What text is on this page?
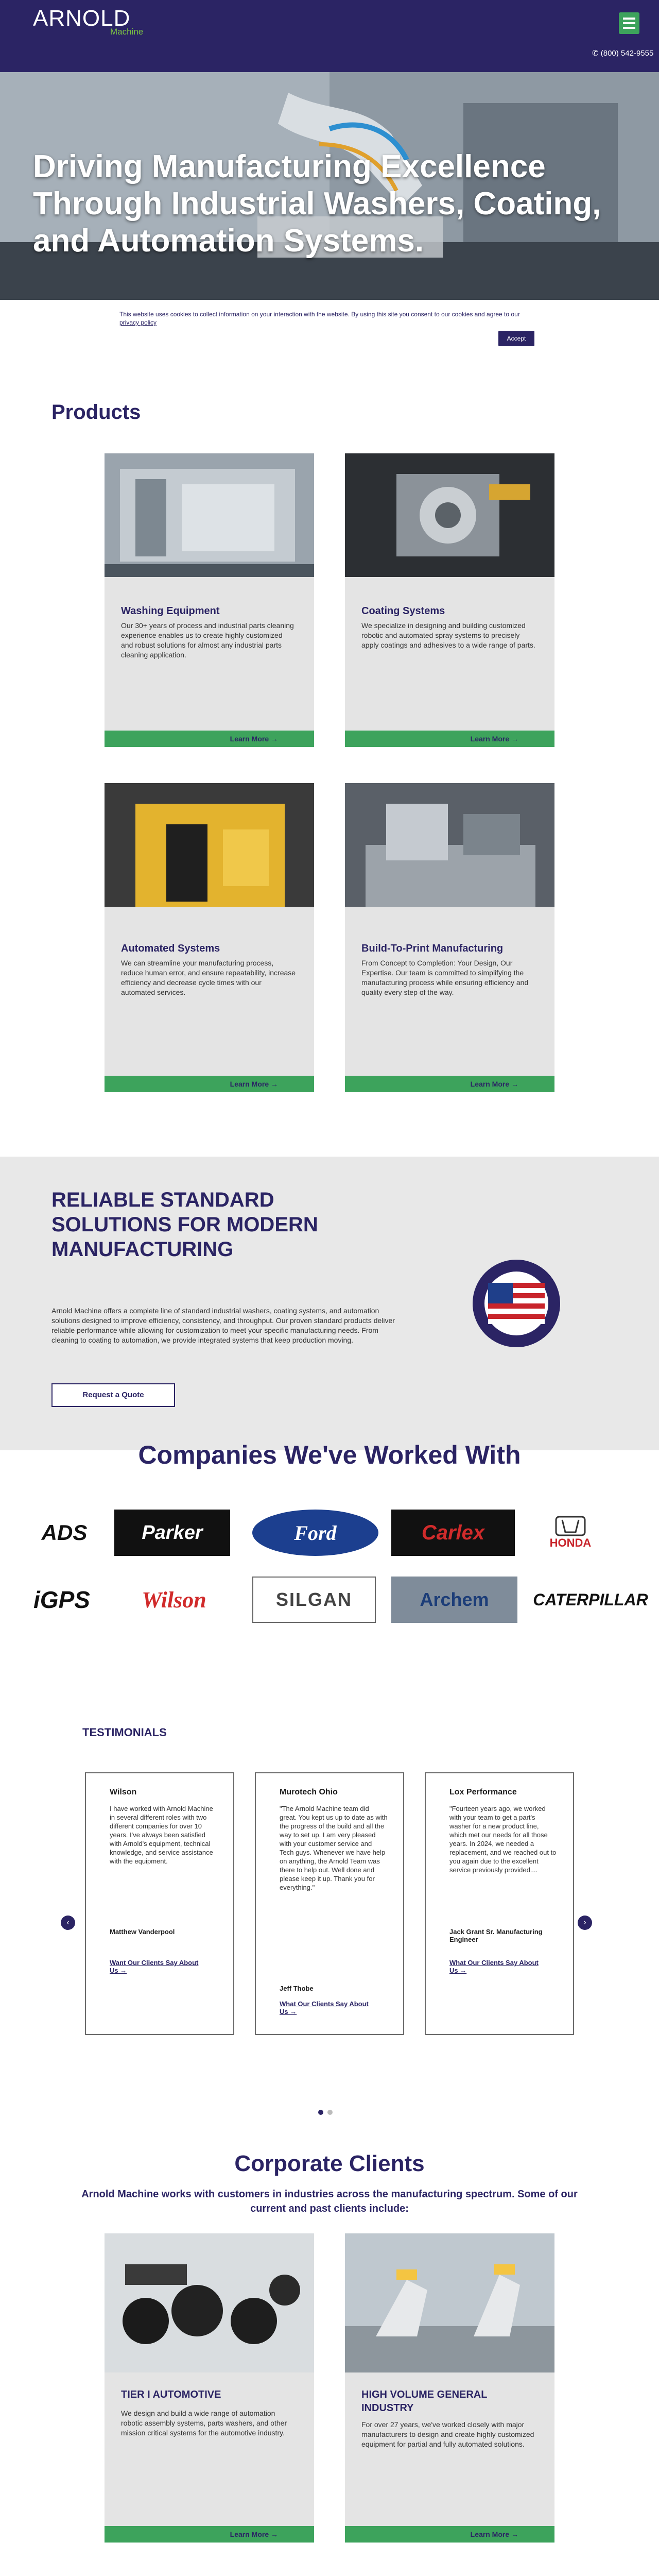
ARNOLD
Machine
✆ (800) 542-9555
Driving Manufacturing Excellence Through Industrial Washers, Coating, and Automation Systems.

This website uses cookies to collect information on your interaction with the website. By using this site you consent to our cookies and agree to our privacy policy

Accept
Products
Washing Equipment

Our 30+ years of process and industrial parts cleaning experience enables us to create highly customized and robust solutions for almost any industrial parts cleaning application.

Learn More →
Coating Systems

We specialize in designing and building customized robotic and automated spray systems to precisely apply coatings and adhesives to a wide range of parts.

Learn More →
Automated Systems

We can streamline your manufacturing process, reduce human error, and ensure repeatability, increase efficiency and decrease cycle times with our automated services.

Learn More →
Build-To-Print Manufacturing

From Concept to Completion: Your Design, Our Expertise. Our team is committed to simplifying the manufacturing process while ensuring efficiency and quality every step of the way.

Learn More →
RELIABLE STANDARD SOLUTIONS FOR MODERN MANUFACTURING

Arnold Machine offers a complete line of standard industrial washers, coating systems, and automation solutions designed to improve efficiency, consistency, and throughput. Our proven standard products deliver reliable performance while allowing for customization to meet your specific manufacturing needs. From cleaning to coating to automation, we provide integrated systems that keep production moving.

Request a Quote
Companies We've Worked With
ADS	Parker	Ford	Carlex	HONDA
iGPS	Wilson	SILGAN	Archem	CATERPILLAR
TESTIMONIALS
‹	›
Wilson

I have worked with Arnold Machine in several different roles with two different companies for over 10 years. I've always been satisfied with Arnold's equipment, technical knowledge, and service assistance with the equipment.

Matthew Vanderpool
Want Our Clients Say About Us →
Murotech Ohio

"The Arnold Machine team did great. You kept us up to date as with the progress of the build and all the way to set up. I am very pleased with your customer service and Tech guys. Whenever we have help on anything, the Arnold Team was there to help out. Well done and please keep it up. Thank you for everything."

Jeff Thobe
What Our Clients Say About Us →
Lox Performance

"Fourteen years ago, we worked with your team to get a part's washer for a new product line, which met our needs for all those years. In 2024, we needed a replacement, and we reached out to you again due to the excellent service previously provided....

Jack Grant Sr. Manufacturing Engineer
What Our Clients Say About Us →
Corporate Clients
Arnold Machine works with customers in industries across the manufacturing spectrum. Some of our current and past clients include:
TIER I AUTOMOTIVE

We design and build a wide range of automation robotic assembly systems, parts washers, and other mission critical systems for the automotive industry.

Learn More →
HIGH VOLUME GENERAL INDUSTRY

For over 27 years, we've worked closely with major manufacturers to design and create highly customized equipment for partial and fully automated solutions.

Learn More →
